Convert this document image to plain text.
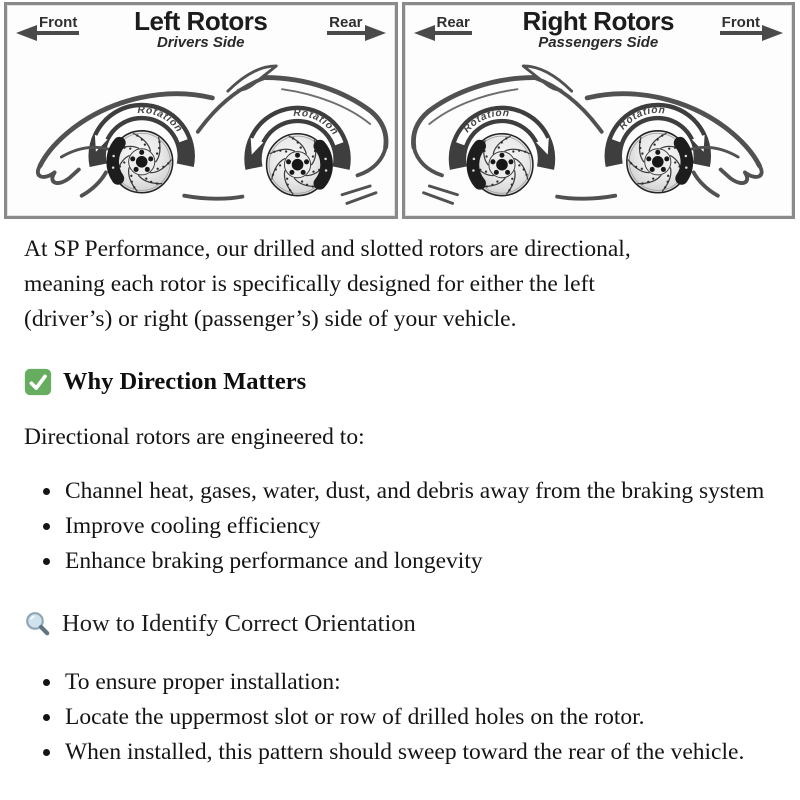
Front	Left Rotors
Drivers Side
Rear
Rotation
Rotation
Rear	Right Rotors
Passengers Side
Front
Rotation
Rotation
At SP Performance, our drilled and slotted rotors are directional,
meaning each rotor is specifically designed for either the left
(driver’s) or right (passenger’s) side of your vehicle.
Why Direction Matters
Directional rotors are engineered to:
• Channel heat, gases, water, dust, and debris away from the braking system
• Improve cooling efficiency
• Enhance braking performance and longevity
How to Identify Correct Orientation
• To ensure proper installation:
• Locate the uppermost slot or row of drilled holes on the rotor.
• When installed, this pattern should sweep toward the rear of the vehicle.
